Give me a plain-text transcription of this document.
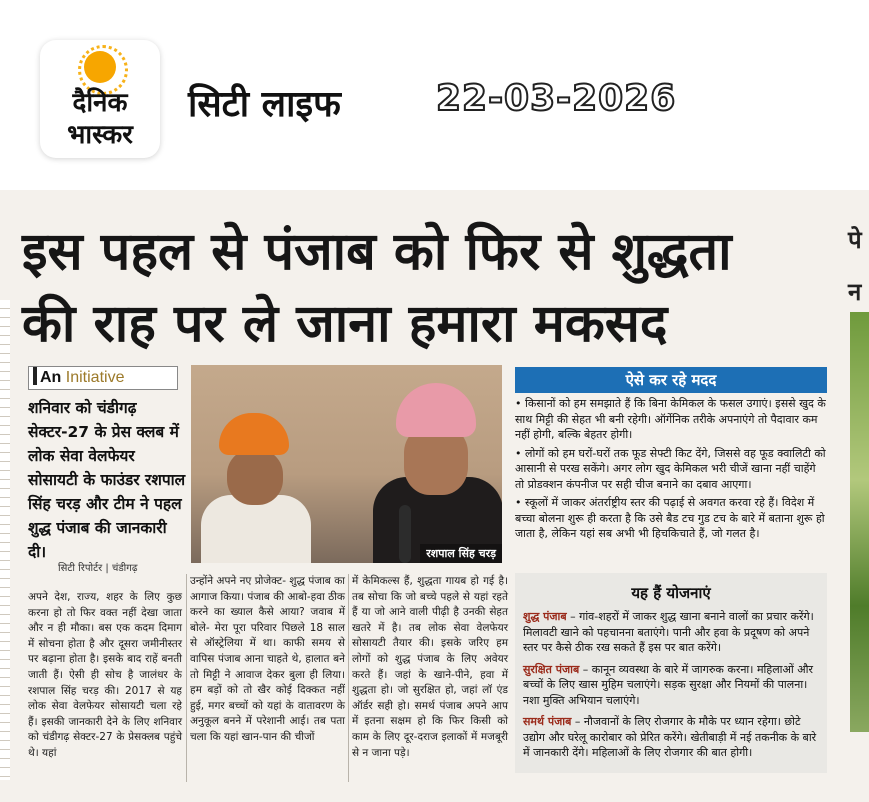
दैनिक
भास्कर
सिटी लाइफ	22-03-2026
पे
न
इस पहल से पंजाब को फिर से शुद्धता
की राह पर ले जाना हमारा मकसद
An Initiative
शनिवार को चंडीगढ़ सेक्टर-27 के प्रेस क्लब में लोक सेवा वेलफेयर सोसायटी के फाउंडर रशपाल सिंह चरड़ और टीम ने पहल शुद्ध पंजाब की जानकारी दी।
सिटी रिपोर्टर | चंडीगढ़
रशपाल सिंह चरड़
ऐसे कर रहे मदद

• किसानों को हम समझाते हैं कि बिना केमिकल के फसल उगाएं। इससे खुद के साथ मिट्टी की सेहत भी बनी रहेगी। ऑर्गेनिक तरीके अपनाएंगे तो पैदावार कम नहीं होगी, बल्कि बेहतर होगी।

• लोगों को हम घरों-घरों तक फूड सेफ्टी किट देंगे, जिससे वह फूड क्वालिटी को आसानी से परख सकेंगे। अगर लोग खुद केमिकल भरी चीजें खाना नहीं चाहेंगे तो प्रोडक्शन कंपनीज पर सही चीज बनाने का दबाव आएगा।

• स्कूलों में जाकर अंतर्राष्ट्रीय स्तर की पढ़ाई से अवगत करवा रहे हैं। विदेश में बच्चा बोलना शुरू ही करता है कि उसे बैड टच गुड टच के बारे में बताना शुरू हो जाता है, लेकिन यहां सब अभी भी हिचकिचाते हैं, जो गलत है।

यह हैं योजनाएं

शुद्ध पंजाब – गांव-शहरों में जाकर शुद्ध खाना बनाने वालों का प्रचार करेंगे। मिलावटी खाने को पहचानना बताएंगे। पानी और हवा के प्रदूषण को अपने स्तर पर कैसे ठीक रख सकते हैं इस पर बात करेंगे।

सुरक्षित पंजाब – कानून व्यवस्था के बारे में जागरुक करना। महिलाओं और बच्चों के लिए खास मुहिम चलाएंगे। सड़क सुरक्षा और नियमों की पालना। नशा मुक्ति अभियान चलाएंगे।

समर्थ पंजाब – नौजवानों के लिए रोजगार के मौके पर ध्यान रहेगा। छोटे उद्योग और घरेलू कारोबार को प्रेरित करेंगे। खेतीबाड़ी में नई तकनीक के बारे में जानकारी देंगे। महिलाओं के लिए रोजगार की बात होगी।

अपने देश, राज्य, शहर के लिए कुछ करना हो तो फिर वक्त नहीं देखा जाता और न ही मौका। बस एक कदम दिमाग में सोचना होता है और दूसरा जमीनीस्तर पर बढ़ाना होता है। इसके बाद राहें बनती जाती हैं। ऐसी ही सोच है जालंधर के रशपाल सिंह चरड़ की। 2017 से यह लोक सेवा वेलफेयर सोसायटी चला रहे हैं। इसकी जानकारी देने के लिए शनिवार को चंडीगढ़ सेक्टर-27 के प्रेसक्लब पहुंचे थे। यहां
उन्होंने अपने नए प्रोजेक्ट- शुद्ध पंजाब का आगाज किया। पंजाब की आबो-हवा ठीक करने का ख्याल कैसे आया? जवाब में बोले- मेरा पूरा परिवार पिछले 18 साल से ऑस्ट्रेलिया में था। काफी समय से वापिस पंजाब आना चाहते थे, हालात बने तो मिट्टी ने आवाज देकर बुला ही लिया। हम बड़ों को तो खैर कोई दिक्कत नहीं हुई, मगर बच्चों को यहां के वातावरण के अनुकूल बनने में परेशानी आई। तब पता चला कि यहां खान-पान की चीजों
में केमिकल्स हैं, शुद्धता गायब हो गई है। तब सोचा कि जो बच्चे पहले से यहां रहते हैं या जो आने वाली पीढ़ी है उनकी सेहत खतरे में है। तब लोक सेवा वेलफेयर सोसायटी तैयार की। इसके जरिए हम लोगों को शुद्ध पंजाब के लिए अवेयर करते हैं। जहां के खाने-पीने, हवा में शुद्धता हो। जो सुरक्षित हो, जहां लॉ एंड ऑर्डर सही हो। समर्थ पंजाब अपने आप में इतना सक्षम हो कि फिर किसी को काम के लिए दूर-दराज इलाकों में मजबूरी से न जाना पड़े।
